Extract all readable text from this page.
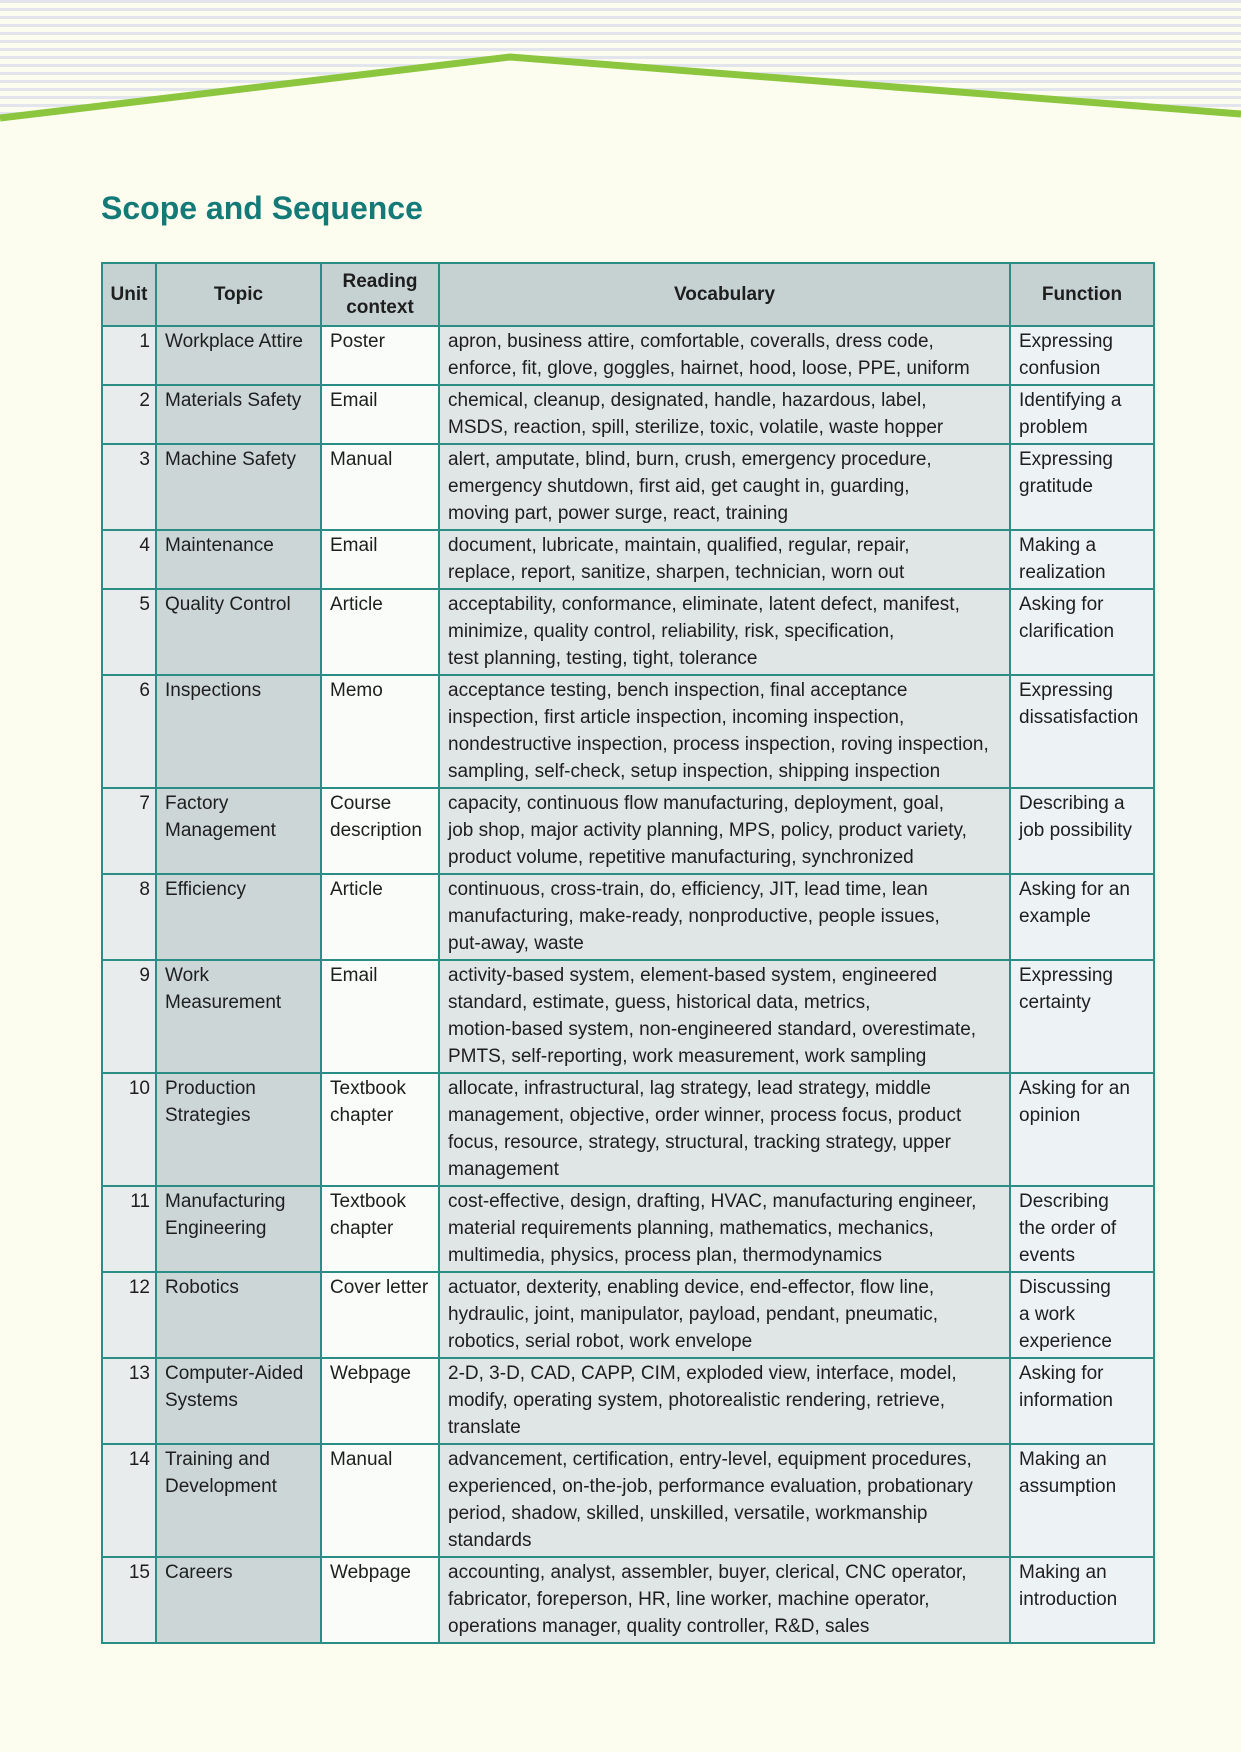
Scope and Sequence
Unit	Topic	Reading
context	Vocabulary	Function
1	Workplace Attire	Poster	apron, business attire, comfortable, coveralls, dress code,
enforce, fit, glove, goggles, hairnet, hood, loose, PPE, uniform	Expressing
confusion
2	Materials Safety	Email	chemical, cleanup, designated, handle, hazardous, label,
MSDS, reaction, spill, sterilize, toxic, volatile, waste hopper	Identifying a
problem
3	Machine Safety	Manual	alert, amputate, blind, burn, crush, emergency procedure,
emergency shutdown, first aid, get caught in, guarding,
moving part, power surge, react, training	Expressing
gratitude
4	Maintenance	Email	document, lubricate, maintain, qualified, regular, repair,
replace, report, sanitize, sharpen, technician, worn out	Making a
realization
5	Quality Control	Article	acceptability, conformance, eliminate, latent defect, manifest,
minimize, quality control, reliability, risk, specification,
test planning, testing, tight, tolerance	Asking for
clarification
6	Inspections	Memo	acceptance testing, bench inspection, final acceptance
inspection, first article inspection, incoming inspection,
nondestructive inspection, process inspection, roving inspection,
sampling, self-check, setup inspection, shipping inspection	Expressing
dissatisfaction
7	Factory
Management	Course
description	capacity, continuous flow manufacturing, deployment, goal,
job shop, major activity planning, MPS, policy, product variety,
product volume, repetitive manufacturing, synchronized	Describing a
job possibility
8	Efficiency	Article	continuous, cross-train, do, efficiency, JIT, lead time, lean
manufacturing, make-ready, nonproductive, people issues,
put-away, waste	Asking for an
example
9	Work
Measurement	Email	activity-based system, element-based system, engineered
standard, estimate, guess, historical data, metrics,
motion-based system, non-engineered standard, overestimate,
PMTS, self-reporting, work measurement, work sampling	Expressing
certainty
10	Production
Strategies	Textbook
chapter	allocate, infrastructural, lag strategy, lead strategy, middle
management, objective, order winner, process focus, product
focus, resource, strategy, structural, tracking strategy, upper
management	Asking for an
opinion
11	Manufacturing
Engineering	Textbook
chapter	cost-effective, design, drafting, HVAC, manufacturing engineer,
material requirements planning, mathematics, mechanics,
multimedia, physics, process plan, thermodynamics	Describing
the order of
events
12	Robotics	Cover letter	actuator, dexterity, enabling device, end-effector, flow line,
hydraulic, joint, manipulator, payload, pendant, pneumatic,
robotics, serial robot, work envelope	Discussing
a work
experience
13	Computer-Aided
Systems	Webpage	2-D, 3-D, CAD, CAPP, CIM, exploded view, interface, model,
modify, operating system, photorealistic rendering, retrieve,
translate	Asking for
information
14	Training and
Development	Manual	advancement, certification, entry-level, equipment procedures,
experienced, on-the-job, performance evaluation, probationary
period, shadow, skilled, unskilled, versatile, workmanship
standards	Making an
assumption
15	Careers	Webpage	accounting, analyst, assembler, buyer, clerical, CNC operator,
fabricator, foreperson, HR, line worker, machine operator,
operations manager, quality controller, R&D, sales	Making an
introduction
